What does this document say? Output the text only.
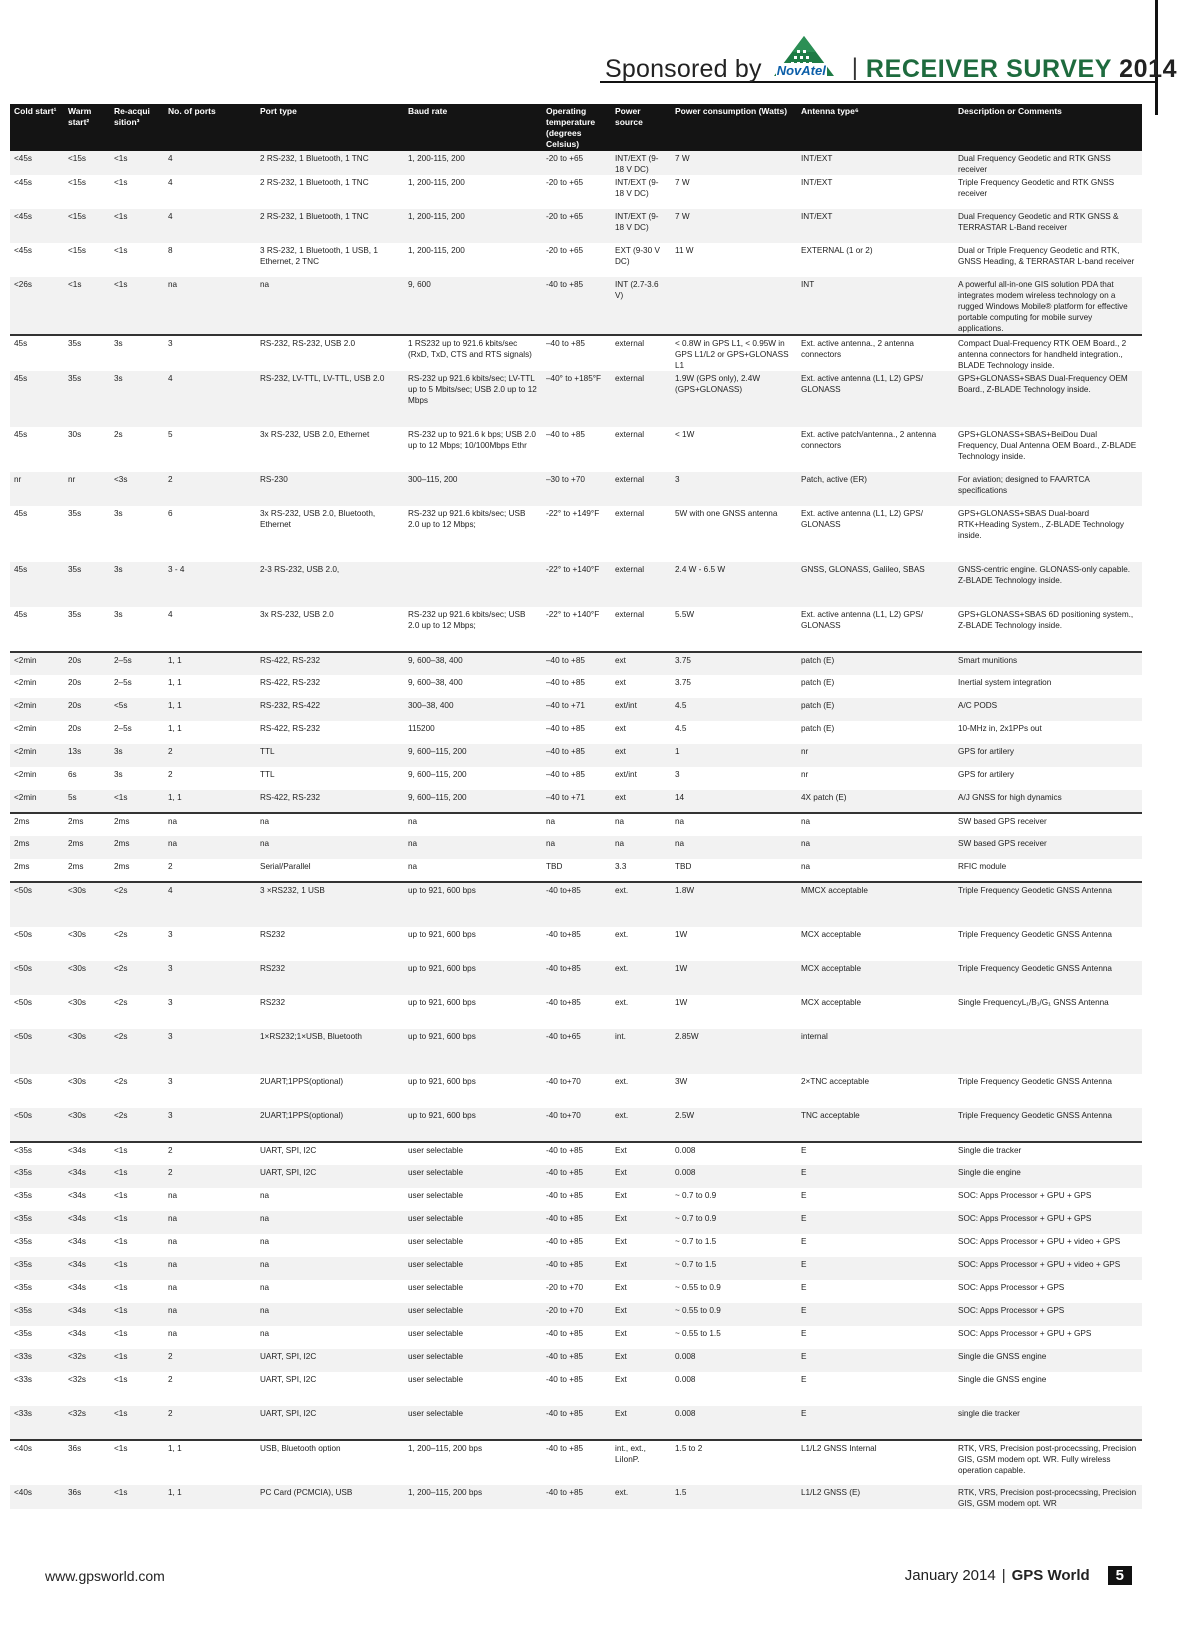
Sponsored by NovAtel | RECEIVER SURVEY 2014
Cold start¹	Warm start²	Re-acqui sition³	No. of ports	Port type	Baud rate	Operating temperature (degrees Celsius)	Power source	Power consumption (Watts)	Antenna type⁶	Description or Comments
<45s	<15s	<1s	4	2 RS-232, 1 Bluetooth, 1 TNC	1, 200-115, 200	-20 to +65	INT/EXT (9-18 V DC)	7 W	INT/EXT	Dual Frequency Geodetic and RTK GNSS receiver
<45s	<15s	<1s	4	2 RS-232, 1 Bluetooth, 1 TNC	1, 200-115, 200	-20 to +65	INT/EXT (9-18 V DC)	7 W	INT/EXT	Triple Frequency Geodetic and RTK GNSS receiver
<45s	<15s	<1s	4	2 RS-232, 1 Bluetooth, 1 TNC	1, 200-115, 200	-20 to +65	INT/EXT (9-18 V DC)	7 W	INT/EXT	Dual Frequency Geodetic and RTK GNSS & TERRASTAR L-Band receiver
<45s	<15s	<1s	8	3 RS-232, 1 Bluetooth, 1 USB, 1 Ethernet, 2 TNC	1, 200-115, 200	-20 to +65	EXT (9-30 V DC)	11 W	EXTERNAL (1 or 2)	Dual or Triple Frequency Geodetic and RTK, GNSS Heading, & TERRASTAR L-band receiver
<26s	<1s	<1s	na	na	9, 600	-40 to +85	INT (2.7-3.6 V)		INT	A powerful all-in-one GIS solution PDA that integrates modem wireless technology on a rugged Windows Mobile® platform for effective portable computing for mobile survey applications.
45s	35s	3s	3	RS-232, RS-232, USB 2.0	1 RS232 up to 921.6 kbits/sec (RxD, TxD, CTS and RTS signals)	–40 to +85	external	< 0.8W in GPS L1, < 0.95W in GPS L1/L2 or GPS+GLONASS L1	Ext. active antenna., 2 antenna connectors	Compact Dual-Frequency RTK OEM Board., 2 antenna connectors for handheld integration., BLADE Technology inside.
45s	35s	3s	4	RS-232, LV-TTL, LV-TTL, USB 2.0	RS-232 up 921.6 kbits/sec; LV-TTL up to 5 Mbits/sec; USB 2.0 up to 12 Mbps	–40° to +185°F	external	1.9W (GPS only), 2.4W (GPS+GLONASS)	Ext. active antenna (L1, L2) GPS/ GLONASS	GPS+GLONASS+SBAS Dual-Frequency OEM Board., Z-BLADE Technology inside.
45s	30s	2s	5	3x RS-232, USB 2.0, Ethernet	RS-232 up to 921.6 k bps; USB 2.0 up to 12 Mbps; 10/100Mbps Ethr	–40 to +85	external	< 1W	Ext. active patch/antenna., 2 antenna connectors	GPS+GLONASS+SBAS+BeiDou Dual Frequency, Dual Antenna OEM Board., Z-BLADE Technology inside.
nr	nr	<3s	2	RS-230	300–115, 200	–30 to +70	external	3	Patch, active (ER)	For aviation; designed to FAA/RTCA specifications
45s	35s	3s	6	3x RS-232, USB 2.0, Bluetooth, Ethernet	RS-232 up 921.6 kbits/sec; USB 2.0 up to 12 Mbps;	-22° to +149°F	external	5W with one GNSS antenna	Ext. active antenna (L1, L2) GPS/ GLONASS	GPS+GLONASS+SBAS Dual-board RTK+Heading System., Z-BLADE Technology inside.
45s	35s	3s	3 - 4	2-3 RS-232, USB 2.0,		-22° to +140°F	external	2.4 W - 6.5 W	GNSS, GLONASS, Galileo, SBAS	GNSS-centric engine. GLONASS-only capable. Z-BLADE Technology inside.
45s	35s	3s	4	3x RS-232, USB 2.0	RS-232 up 921.6 kbits/sec; USB 2.0 up to 12 Mbps;	-22° to +140°F	external	5.5W	Ext. active antenna (L1, L2) GPS/ GLONASS	GPS+GLONASS+SBAS 6D positioning system., Z-BLADE Technology inside.
<2min	20s	2–5s	1, 1	RS-422, RS-232	9, 600–38, 400	–40 to +85	ext	3.75	patch (E)	Smart munitions
<2min	20s	2–5s	1, 1	RS-422, RS-232	9, 600–38, 400	–40 to +85	ext	3.75	patch (E)	Inertial system integration
<2min	20s	<5s	1, 1	RS-232, RS-422	300–38, 400	–40 to +71	ext/int	4.5	patch (E)	A/C PODS
<2min	20s	2–5s	1, 1	RS-422, RS-232	115200	–40 to +85	ext	4.5	patch (E)	10-MHz in, 2x1PPs out
<2min	13s	3s	2	TTL	9, 600–115, 200	–40 to +85	ext	1	nr	GPS for artilery
<2min	6s	3s	2	TTL	9, 600–115, 200	–40 to +85	ext/int	3	nr	GPS for artilery
<2min	5s	<1s	1, 1	RS-422, RS-232	9, 600–115, 200	–40 to +71	ext	14	4X patch (E)	A/J GNSS for high dynamics
2ms	2ms	2ms	na	na	na	na	na	na	na	SW based GPS receiver
2ms	2ms	2ms	na	na	na	na	na	na	na	SW based GPS receiver
2ms	2ms	2ms	2	Serial/Parallel	na	TBD	3.3	TBD	na	RFIC module
<50s	<30s	<2s	4	3 ×RS232, 1 USB	up to 921, 600 bps	-40 to+85	ext.	1.8W	MMCX acceptable	Triple Frequency Geodetic GNSS Antenna
<50s	<30s	<2s	3	RS232	up to 921, 600 bps	-40 to+85	ext.	1W	MCX acceptable	Triple Frequency Geodetic GNSS Antenna
<50s	<30s	<2s	3	RS232	up to 921, 600 bps	-40 to+85	ext.	1W	MCX acceptable	Triple Frequency Geodetic GNSS Antenna
<50s	<30s	<2s	3	RS232	up to 921, 600 bps	-40 to+85	ext.	1W	MCX acceptable	Single FrequencyL₁/B₁/G₁ GNSS Antenna
<50s	<30s	<2s	3	1×RS232;1×USB, Bluetooth	up to 921, 600 bps	-40 to+65	int.	2.85W	internal	
<50s	<30s	<2s	3	2UART;1PPS(optional)	up to 921, 600 bps	-40 to+70	ext.	3W	2×TNC acceptable	Triple Frequency Geodetic GNSS Antenna
<50s	<30s	<2s	3	2UART;1PPS(optional)	up to 921, 600 bps	-40 to+70	ext.	2.5W	TNC acceptable	Triple Frequency Geodetic GNSS Antenna
<35s	<34s	<1s	2	UART, SPI, I2C	user selectable	-40 to +85	Ext	0.008	E	Single die tracker
<35s	<34s	<1s	2	UART, SPI, I2C	user selectable	-40 to +85	Ext	0.008	E	Single die engine
<35s	<34s	<1s	na	na	user selectable	-40 to +85	Ext	~ 0.7 to 0.9	E	SOC: Apps Processor + GPU + GPS
<35s	<34s	<1s	na	na	user selectable	-40 to +85	Ext	~ 0.7 to 0.9	E	SOC: Apps Processor + GPU + GPS
<35s	<34s	<1s	na	na	user selectable	-40 to +85	Ext	~ 0.7 to 1.5	E	SOC: Apps Processor + GPU + video + GPS
<35s	<34s	<1s	na	na	user selectable	-40 to +85	Ext	~ 0.7 to 1.5	E	SOC: Apps Processor + GPU + video + GPS
<35s	<34s	<1s	na	na	user selectable	-20 to +70	Ext	~ 0.55 to 0.9	E	SOC: Apps Processor + GPS
<35s	<34s	<1s	na	na	user selectable	-20 to +70	Ext	~ 0.55 to 0.9	E	SOC: Apps Processor + GPS
<35s	<34s	<1s	na	na	user selectable	-40 to +85	Ext	~ 0.55 to 1.5	E	SOC: Apps Processor + GPU + GPS
<33s	<32s	<1s	2	UART, SPI, I2C	user selectable	-40 to +85	Ext	0.008	E	Single die GNSS engine
<33s	<32s	<1s	2	UART, SPI, I2C	user selectable	-40 to +85	Ext	0.008	E	Single die GNSS engine
<33s	<32s	<1s	2	UART, SPI, I2C	user selectable	-40 to +85	Ext	0.008	E	single die tracker
<40s	36s	<1s	1, 1	USB, Bluetooth option	1, 200–115, 200 bps	-40 to +85	int., ext., LiIonP.	1.5 to 2	L1/L2 GNSS Internal	RTK, VRS, Precision post-procecssing, Precision GIS, GSM modem opt. WR. Fully wireless operation capable.
<40s	36s	<1s	1, 1	PC Card (PCMCIA), USB	1, 200–115, 200 bps	-40 to +85	ext.	1.5	L1/L2 GNSS (E)	RTK, VRS, Precision post-procecssing, Precision GIS, GSM modem opt. WR
www.gpsworld.com	January 2014 | GPS World	5
